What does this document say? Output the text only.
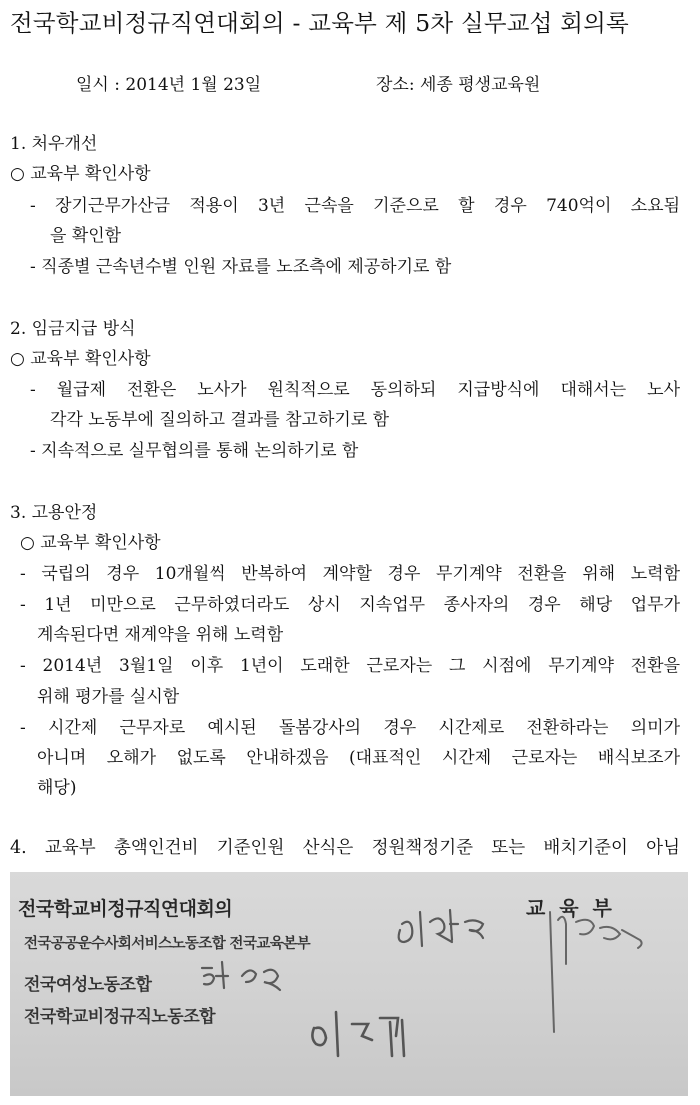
전국학교비정규직연대회의 - 교육부 제 5차 실무교섭 회의록
일시 : 2014년 1월 23일	장소: 세종 평생교육원
1. 처우개선
○ 교육부 확인사항
- 장기근무가산금 적용이 3년 근속을 기준으로 할 경우 740억이 소요됨
을 확인함
- 직종별 근속년수별 인원 자료를 노조측에 제공하기로 함
2. 임금지급 방식
○ 교육부 확인사항
- 월급제 전환은 노사가 원칙적으로 동의하되 지급방식에 대해서는 노사
각각 노동부에 질의하고 결과를 참고하기로 함
- 지속적으로 실무협의를 통해 논의하기로 함
3. 고용안정
○ 교육부 확인사항
- 국립의 경우 10개월씩 반복하여 계약할 경우 무기계약 전환을 위해 노력함
- 1년 미만으로 근무하였더라도 상시 지속업무 종사자의 경우 해당 업무가
계속된다면 재계약을 위해 노력함
- 2014년 3월1일 이후 1년이 도래한 근로자는 그 시점에 무기계약 전환을
위해 평가를 실시함
- 시간제 근무자로 예시된 돌봄강사의 경우 시간제로 전환하라는 의미가
아니며 오해가 없도록 안내하겠음 (대표적인 시간제 근로자는 배식보조가
해당)
4. 교육부 총액인건비 기준인원 산식은 정원책정기준 또는 배치기준이 아님
전국학교비정규직연대회의	교  육  부
전국공공운수사회서비스노동조합 전국교육본부
전국여성노동조합
전국학교비정규직노동조합
